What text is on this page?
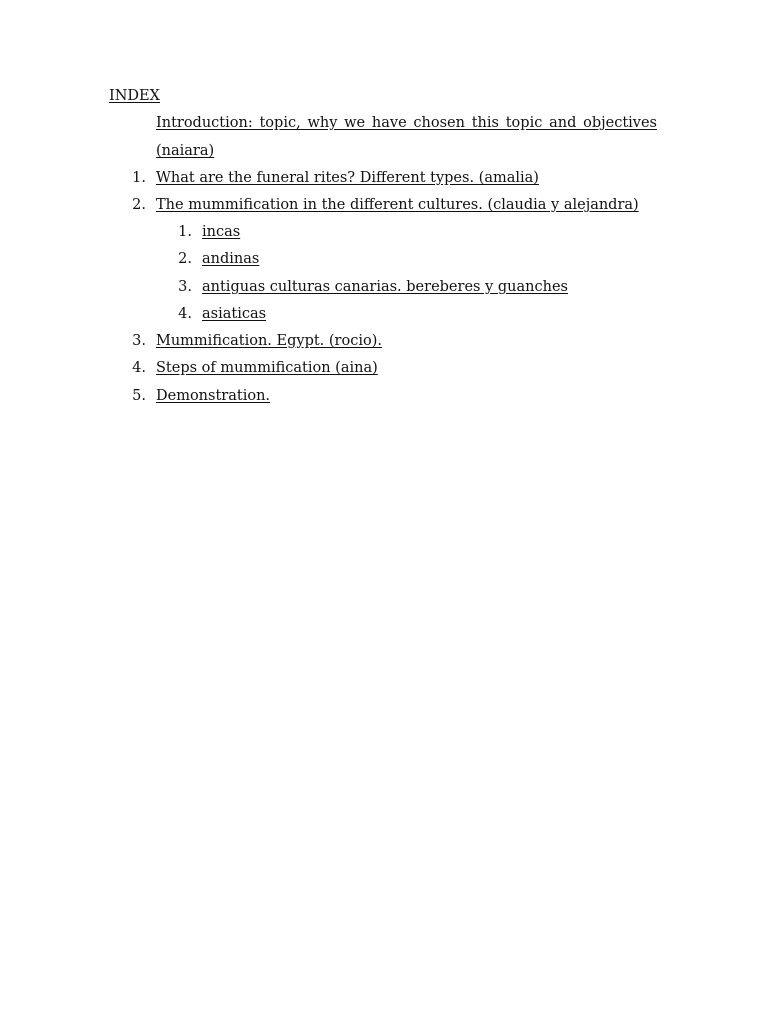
INDEX
Introduction: topic, why we have chosen this topic and objectives
(naiara)
1. What are the funeral rites? Different types. (amalia)
2. The mummification in the different cultures. (claudia y alejandra)
1. incas
2. andinas
3. antiguas culturas canarias. bereberes y guanches
4. asiaticas
3. Mummification. Egypt. (rocio).
4. Steps of mummification (aina)
5. Demonstration.
